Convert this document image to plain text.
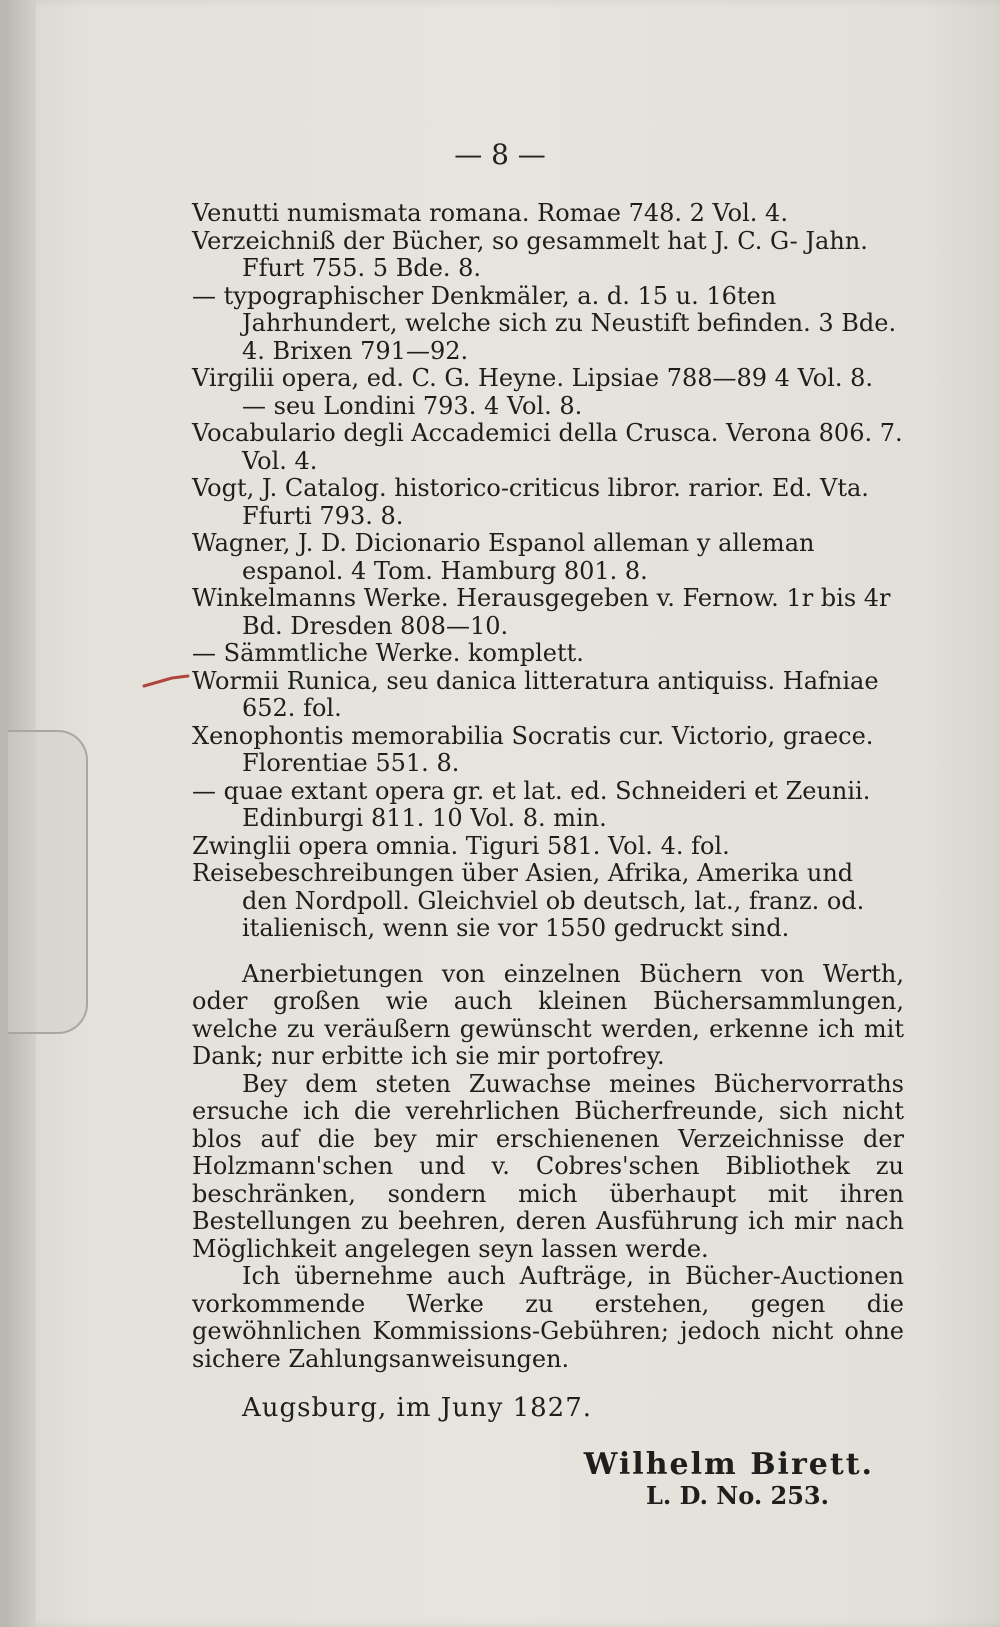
— 8 —

Venutti numismata romana. Romae 748. 2 Vol. 4.

Verzeichniß der Bücher, so gesammelt hat J. C. G- Jahn. Ffurt 755. 5 Bde. 8.

— typographischer Denkmäler, a. d. 15 u. 16ten Jahrhundert, welche sich zu Neustift befinden. 3 Bde. 4. Brixen 791—92.

Virgilii opera, ed. C. G. Heyne. Lipsiae 788—89 4 Vol. 8. — seu Londini 793. 4 Vol. 8.

Vocabulario degli Accademici della Crusca. Verona 806. 7. Vol. 4.

Vogt, J. Catalog. historico-criticus libror. rarior. Ed. Vta. Ffurti 793. 8.

Wagner, J. D. Dicionario Espanol alleman y alleman espanol. 4 Tom. Hamburg 801. 8.

Winkelmanns Werke. Herausgegeben v. Fernow. 1r bis 4r Bd. Dresden 808—10.

— Sämmtliche Werke. komplett.

Wormii Runica, seu danica litteratura antiquiss. Hafniae 652. fol.

Xenophontis memorabilia Socratis cur. Victorio, graece. Florentiae 551. 8.

— quae extant opera gr. et lat. ed. Schneideri et Zeunii. Edinburgi 811. 10 Vol. 8. min.

Zwinglii opera omnia. Tiguri 581. Vol. 4. fol.

Reisebeschreibungen über Asien, Afrika, Amerika und den Nordpoll. Gleichviel ob deutsch, lat., franz. od. italienisch, wenn sie vor 1550 gedruckt sind.

Anerbietungen von einzelnen Büchern von Werth, oder großen wie auch kleinen Büchersammlungen, welche zu veräußern gewünscht werden, erkenne ich mit Dank; nur erbitte ich sie mir portofrey.

Bey dem steten Zuwachse meines Büchervorraths ersuche ich die verehrlichen Bücherfreunde, sich nicht blos auf die bey mir erschienenen Verzeichnisse der Holzmann'schen und v. Cobres'schen Bibliothek zu beschränken, sondern mich überhaupt mit ihren Bestellungen zu beehren, deren Ausführung ich mir nach Möglichkeit angelegen seyn lassen werde.

Ich übernehme auch Aufträge, in Bücher-Auctionen vorkommende Werke zu erstehen, gegen die gewöhnlichen Kommissions-Gebühren; jedoch nicht ohne sichere Zahlungsanweisungen.

Augsburg, im Juny 1827.

Wilhelm Birett.

L. D. No. 253.
